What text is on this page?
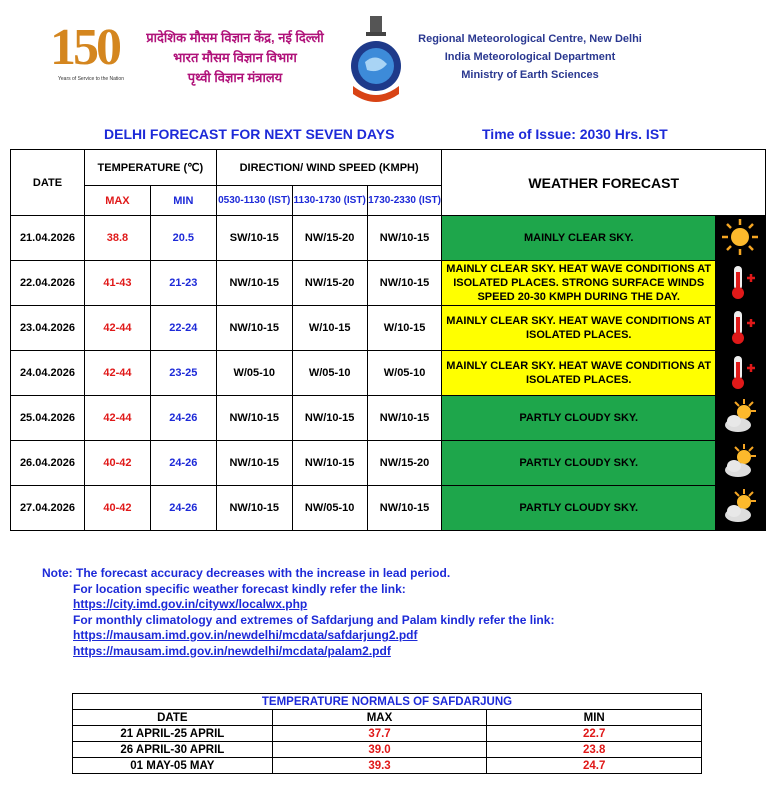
150
Years of Service to the Nation
प्रादेशिक मौसम विज्ञान केंद्र, नई दिल्ली
भारत मौसम विज्ञान विभाग
पृथ्वी विज्ञान मंत्रालय
Regional Meteorological Centre, New Delhi
India Meteorological Department
Ministry of Earth Sciences
DELHI FORECAST FOR NEXT SEVEN DAYS	Time of Issue: 2030 Hrs. IST
DATE	TEMPERATURE (℃)		DIRECTION/ WIND SPEED (KMPH)			WEATHER FORECAST	
	MAX	MIN	0530-1130 (IST)	1130-1730 (IST)	1730-2330 (IST)		
21.04.2026	38.8	20.5	SW/10-15	NW/15-20	NW/10-15	MAINLY CLEAR SKY.	
22.04.2026	41-43	21-23	NW/10-15	NW/15-20	NW/10-15	MAINLY CLEAR SKY. HEAT WAVE CONDITIONS AT ISOLATED PLACES. STRONG SURFACE WINDS SPEED 20-30 KMPH DURING THE DAY.	
23.04.2026	42-44	22-24	NW/10-15	W/10-15	W/10-15	MAINLY CLEAR SKY. HEAT WAVE CONDITIONS AT ISOLATED PLACES.	
24.04.2026	42-44	23-25	W/05-10	W/05-10	W/05-10	MAINLY CLEAR SKY. HEAT WAVE CONDITIONS AT ISOLATED PLACES.	
25.04.2026	42-44	24-26	NW/10-15	NW/10-15	NW/10-15	PARTLY CLOUDY SKY.	
26.04.2026	40-42	24-26	NW/10-15	NW/10-15	NW/15-20	PARTLY CLOUDY SKY.	
27.04.2026	40-42	24-26	NW/10-15	NW/05-10	NW/10-15	PARTLY CLOUDY SKY.	
Note: The forecast accuracy decreases with the increase in lead period.
For location specific weather forecast kindly refer the link:
https://city.imd.gov.in/citywx/localwx.php
For monthly climatology and extremes of Safdarjung and Palam kindly refer the link:
https://mausam.imd.gov.in/newdelhi/mcdata/safdarjung2.pdf
https://mausam.imd.gov.in/newdelhi/mcdata/palam2.pdf
TEMPERATURE NORMALS OF SAFDARJUNG		
DATE	MAX	MIN
21 APRIL-25 APRIL	37.7	22.7
26 APRIL-30 APRIL	39.0	23.8
01 MAY-05 MAY	39.3	24.7
